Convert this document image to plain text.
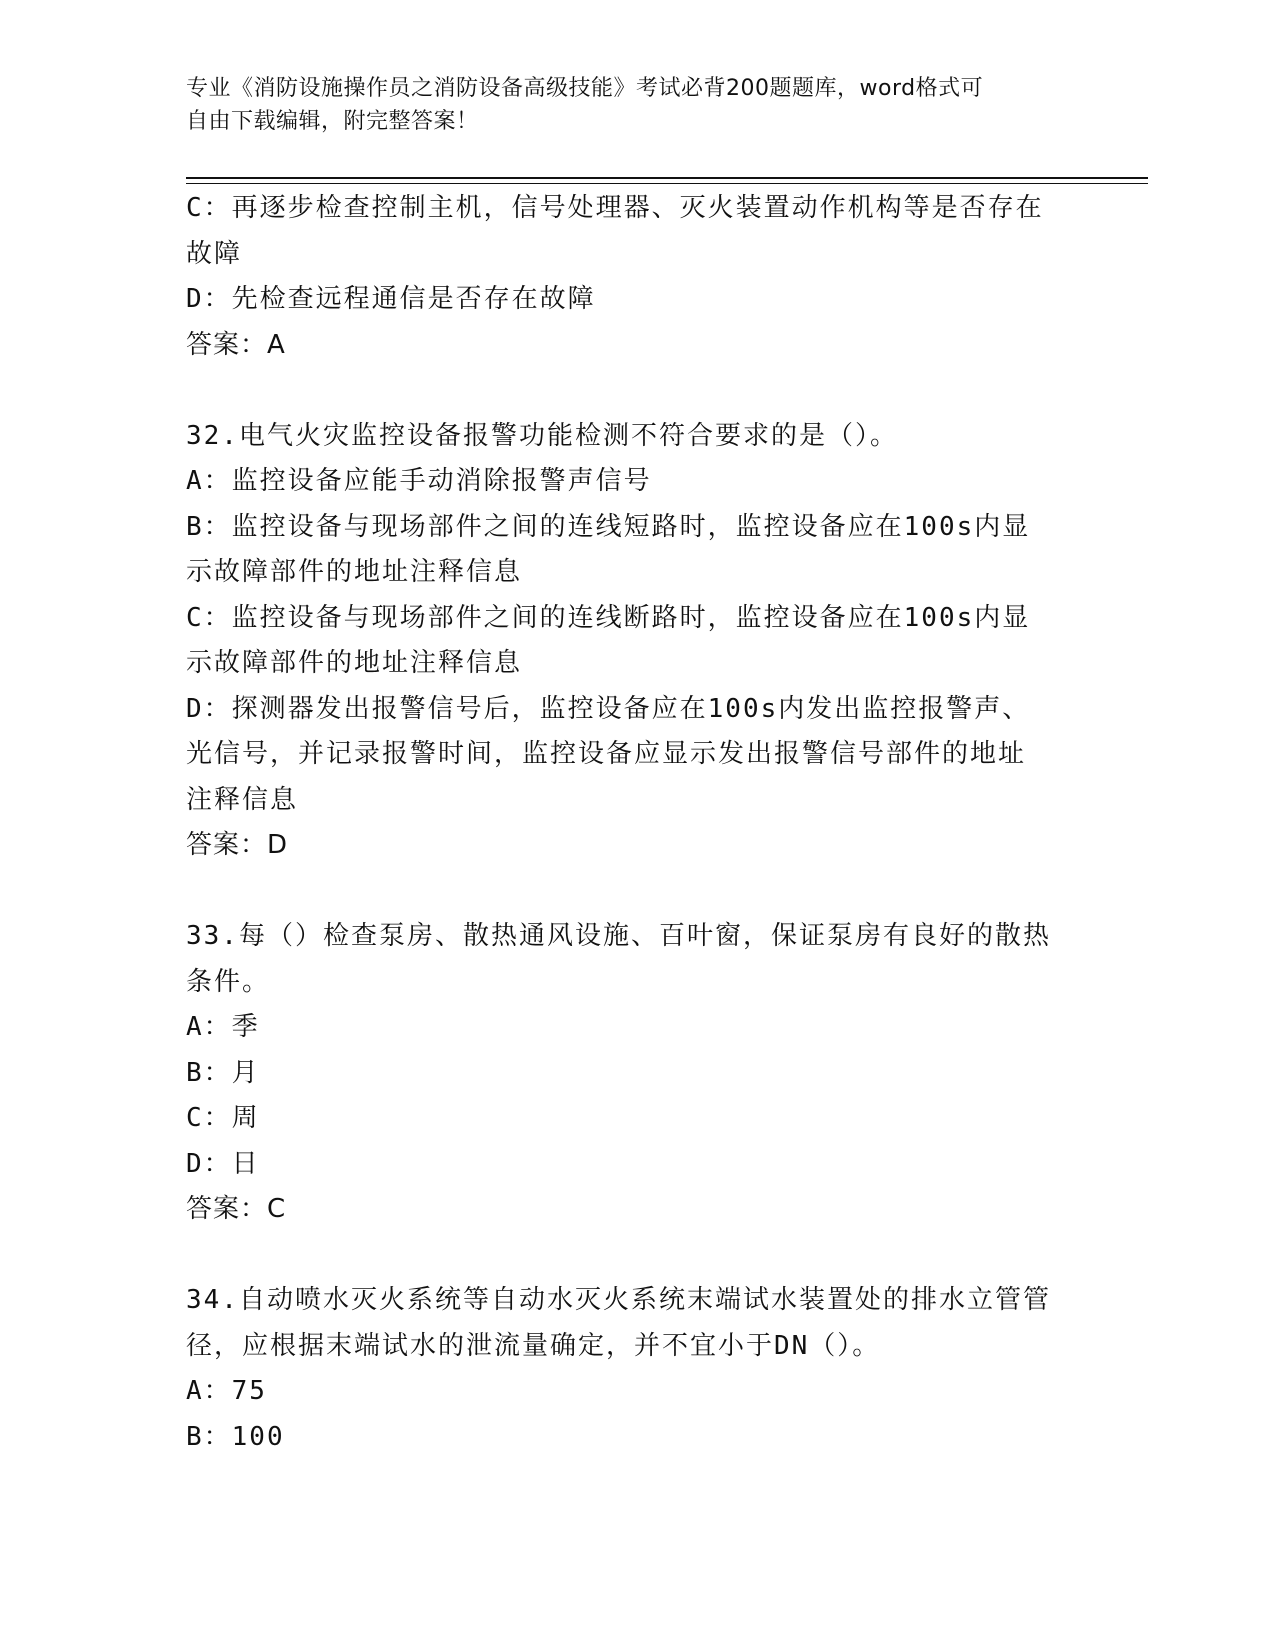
专业《消防设施操作员之消防设备高级技能》考试必背200题题库，word格式可
自由下载编辑，附完整答案！

C：再逐步检查控制主机，信号处理器、灭火装置动作机构等是否存在

故障

D：先检查远程通信是否存在故障

答案：A

32.电气火灾监控设备报警功能检测不符合要求的是（）。

A：监控设备应能手动消除报警声信号

B：监控设备与现场部件之间的连线短路时，监控设备应在100s内显

示故障部件的地址注释信息

C：监控设备与现场部件之间的连线断路时，监控设备应在100s内显

示故障部件的地址注释信息

D：探测器发出报警信号后，监控设备应在100s内发出监控报警声、

光信号，并记录报警时间，监控设备应显示发出报警信号部件的地址

注释信息

答案：D

33.每（）检查泵房、散热通风设施、百叶窗，保证泵房有良好的散热

条件。

A：季

B：月

C：周

D：日

答案：C

34.自动喷水灭火系统等自动水灭火系统末端试水装置处的排水立管管

径，应根据末端试水的泄流量确定，并不宜小于DN（）。

A：75

B：100
